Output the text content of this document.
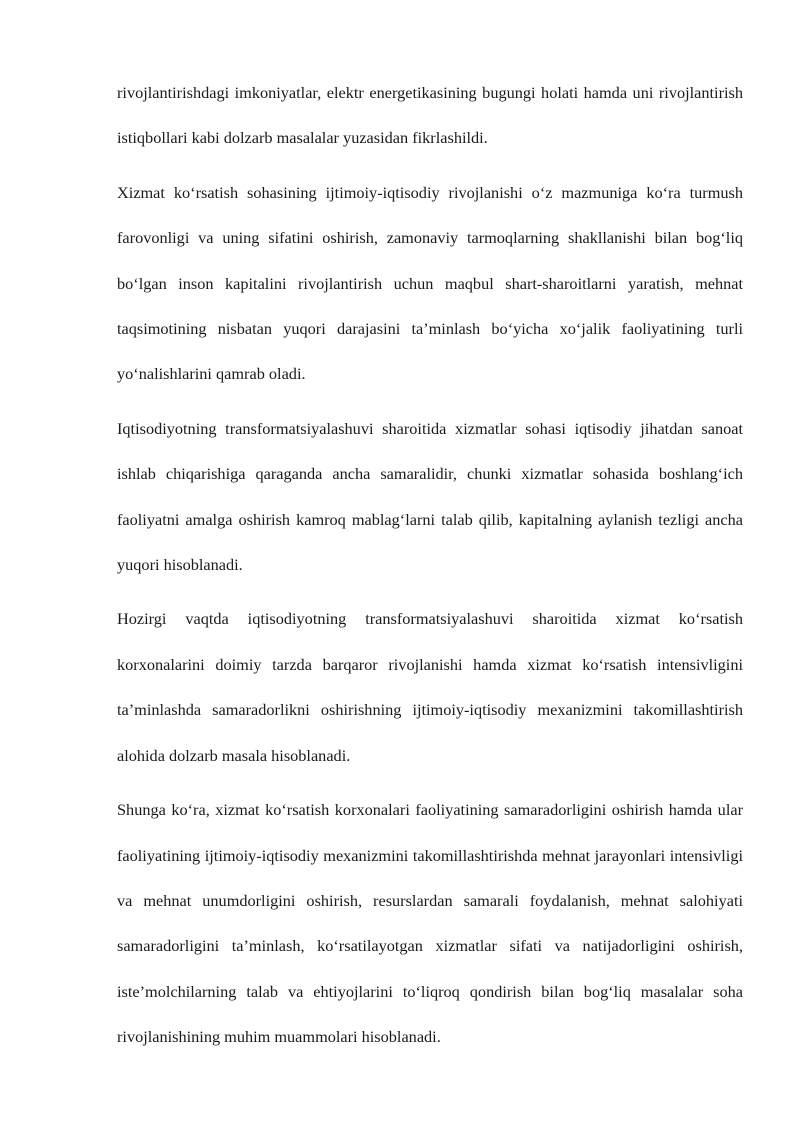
rivojlantirishdagi imkoniyatlar, elektr energetikasining bugungi holati hamda uni rivojlantirish istiqbollari kabi dolzarb masalalar yuzasidan fikrlashildi.

Xizmat ko‘rsatish sohasining ijtimoiy-iqtisodiy rivojlanishi o‘z mazmuniga ko‘ra turmush farovonligi va uning sifatini oshirish, zamonaviy tarmoqlarning shakllanishi bilan bog‘liq bo‘lgan inson kapitalini rivojlantirish uchun maqbul shart-sharoitlarni yaratish, mehnat taqsimotining nisbatan yuqori darajasini ta’minlash bo‘yicha xo‘jalik faoliyatining turli yo‘nalishlarini qamrab oladi.

Iqtisodiyotning transformatsiyalashuvi sharoitida xizmatlar sohasi iqtisodiy jihatdan sanoat ishlab chiqarishiga qaraganda ancha samaralidir, chunki xizmatlar sohasida boshlang‘ich faoliyatni amalga oshirish kamroq mablag‘larni talab qilib, kapitalning aylanish tezligi ancha yuqori hisoblanadi.

Hozirgi vaqtda iqtisodiyotning transformatsiyalashuvi sharoitida xizmat ko‘rsatish korxonalarini doimiy tarzda barqaror rivojlanishi hamda xizmat ko‘rsatish intensivligini ta’minlashda samaradorlikni oshirishning ijtimoiy-iqtisodiy mexanizmini takomillashtirish alohida dolzarb masala hisoblanadi.

Shunga ko‘ra, xizmat ko‘rsatish korxonalari faoliyatining samaradorligini oshirish hamda ular faoliyatining ijtimoiy-iqtisodiy mexanizmini takomillashtirishda mehnat jarayonlari intensivligi va mehnat unumdorligini oshirish, resurslardan samarali foydalanish, mehnat salohiyati samaradorligini ta’minlash, ko‘rsatilayotgan xizmatlar sifati va natijadorligini oshirish, iste’molchilarning talab va ehtiyojlarini to‘liqroq qondirish bilan bog‘liq masalalar soha rivojlanishining muhim muammolari hisoblanadi.
